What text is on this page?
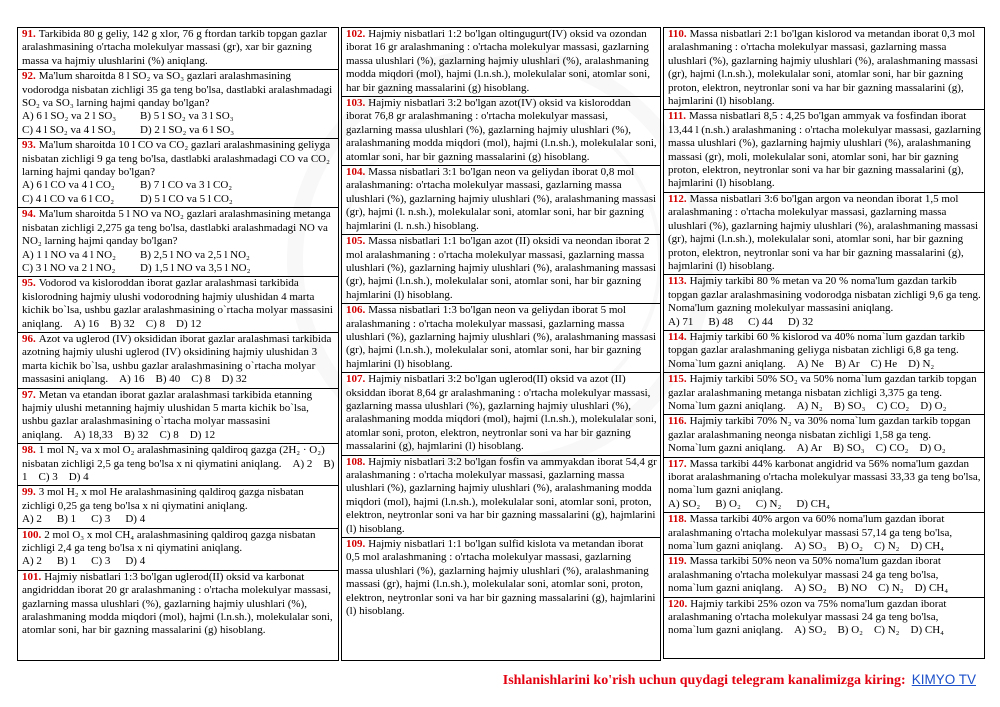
91. Tarkibida 80 g geliy, 142 g xlor, 76 g ftordan tarkib topgan gazlar aralashmasining o'rtacha molekulyar massasi (gr), xar bir gazning massa va hajmiy ulushlarini (%) aniqlang.
92. Ma'lum sharoitda 8 l SO₂ va SO₃ gazlari aralashmasining vodorodga nisbatan zichligi 35 ga teng bo'lsa, dastlabki aralashmadagi SO₂ va SO₃ larning hajmi qanday bo'lgan?
A) 6 l SO₂ va 2 l SO₃	B) 5 l SO₂ va 3 l SO₃
C) 4 l SO₂ va 4 l SO₃	D) 2 l SO₂ va 6 l SO₃
93. Ma'lum sharoitda 10 l CO va CO₂ gazlari aralashmasining geliyga nisbatan zichligi 9 ga teng bo'lsa, dastlabki aralashmadagi CO va CO₂ larning hajmi qanday bo'lgan?
A) 6 l CO va 4 l CO₂	B) 7 l CO va 3 l CO₂
C) 4 l CO va 6 l CO₂	D) 5 l CO va 5 l CO₂
94. Ma'lum sharoitda 5 l NO va NO₂ gazlari aralashmasining metanga nisbatan zichligi 2,275 ga teng bo'lsa, dastlabki aralashmadagi NO va NO₂ larning hajmi qanday bo'lgan?
A) 1 l NO va 4 l NO₂	B) 2,5 l NO va 2,5 l NO₂
C) 3 l NO va 2 l NO₂	D) 1,5 l NO va 3,5 l NO₂
95. Vodorod va kisloroddan iborat gazlar aralashmasi tarkibida kislorodning hajmiy ulushi vodorodning hajmiy ulushidan 4 marta kichik bo`lsa, ushbu gazlar aralashmasining o`rtacha molyar massasini aniqlang. A) 16 B) 32 C) 8 D) 12
96. Azot va uglerod (IV) oksididan iborat gazlar aralashmasi tarkibida azotning hajmiy ulushi uglerod (IV) oksidining hajmiy ulushidan 3 marta kichik bo`lsa, ushbu gazlar aralashmasining o`rtacha molyar massasini aniqlang. A) 16 B) 40 C) 8 D) 32
97. Metan va etandan iborat gazlar aralashmasi tarkibida etanning hajmiy ulushi metanning hajmiy ulushidan 5 marta kichik bo`lsa, ushbu gazlar aralashmasining o`rtacha molyar massasini aniqlang. A) 18,33 B) 32 C) 8 D) 12
98. 1 mol N₂ va x mol O₂ aralashmasining qaldiroq gazga (2H₂ · O₂) nisbatan zichligi 2,5 ga teng bo'lsa x ni qiymatini aniqlang. A) 2 B) 1 C) 3 D) 4
99. 3 mol H₂ x mol He aralashmasining qaldiroq gazga nisbatan zichligi 0,25 ga teng bo'lsa x ni qiymatini aniqlang.
A) 2 B) 1 C) 3 D) 4
100. 2 mol O₃ x mol CH₄ aralashmasining qaldiroq gazga nisbatan zichligi 2,4 ga teng bo'lsa x ni qiymatini aniqlang.
A) 2 B) 1 C) 3 D) 4
101. Hajmiy nisbatlari 1:3 bo'lgan uglerod(II) oksid va karbonat angidriddan iborat 20 gr aralashmaning : o'rtacha molekulyar massasi, gazlarning massa ulushlari (%), gazlarning hajmiy ulushlari (%), aralashmaning modda miqdori (mol), hajmi (l.n.sh.), molekulalar soni, atomlar soni, har bir gazning massalarini (g) hisoblang.
102. Hajmiy nisbatlari 1:2 bo'lgan oltingugurt(IV) oksid va ozondan iborat 16 gr aralashmaning : o'rtacha molekulyar massasi, gazlarning massa ulushlari (%), gazlarning hajmiy ulushlari (%), aralashmaning modda miqdori (mol), hajmi (l.n.sh.), molekulalar soni, atomlar soni, har bir gazning massalarini (g) hisoblang.
103. Hajmiy nisbatlari 3:2 bo'lgan azot(IV) oksid va kisloroddan iborat 76,8 gr aralashmaning : o'rtacha molekulyar massasi, gazlarning massa ulushlari (%), gazlarning hajmiy ulushlari (%), aralashmaning modda miqdori (mol), hajmi (l.n.sh.), molekulalar soni, atomlar soni, har bir gazning massalarini (g) hisoblang.
104. Massa nisbatlari 3:1 bo'lgan neon va geliydan iborat 0,8 mol aralashmaning: o'rtacha molekulyar massasi, gazlarning massa ulushlari (%), gazlarning hajmiy ulushlari (%), aralashmaning massasi (gr), hajmi (l. n.sh.), molekulalar soni, atomlar soni, har bir gazning hajmlarini (l. n.sh.) hisoblang.
105. Massa nisbatlari 1:1 bo'lgan azot (II) oksidi va neondan iborat 2 mol aralashmaning : o'rtacha molekulyar massasi, gazlarning massa ulushlari (%), gazlarning hajmiy ulushlari (%), aralashmaning massasi (gr), hajmi (l.n.sh.), molekulalar soni, atomlar soni, har bir gazning hajmlarini (l) hisoblang.
106. Massa nisbatlari 1:3 bo'lgan neon va geliydan iborat 5 mol aralashmaning : o'rtacha molekulyar massasi, gazlarning massa ulushlari (%), gazlarning hajmiy ulushlari (%), aralashmaning massasi (gr), hajmi (l.n.sh.), molekulalar soni, atomlar soni, har bir gazning hajmlarini (l) hisoblang.
107. Hajmiy nisbatlari 3:2 bo'lgan uglerod(II) oksid va azot (II) oksiddan iborat 8,64 gr aralashmaning : o'rtacha molekulyar massasi, gazlarning massa ulushlari (%), gazlarning hajmiy ulushlari (%), aralashmaning modda miqdori (mol), hajmi (l.n.sh.), molekulalar soni, atomlar soni, proton, elektron, neytronlar soni va har bir gazning massalarini (g), hajmlarini (l) hisoblang.
108. Hajmiy nisbatlari 3:2 bo'lgan fosfin va ammyakdan iborat 54,4 gr aralashmaning : o'rtacha molekulyar massasi, gazlarning massa ulushlari (%), gazlarning hajmiy ulushlari (%), aralashmaning modda miqdori (mol), hajmi (l.n.sh.), molekulalar soni, atomlar soni, proton, elektron, neytronlar soni va har bir gazning massalarini (g), hajmlarini (l) hisoblang.
109. Hajmiy nisbatlari 1:1 bo'lgan sulfid kislota va metandan iborat 0,5 mol aralashmaning : o'rtacha molekulyar massasi, gazlarning massa ulushlari (%), gazlarning hajmiy ulushlari (%), aralashmaning massasi (gr), hajmi (l.n.sh.), molekulalar soni, atomlar soni, proton, elektron, neytronlar soni va har bir gazning massalarini (g), hajmlarini (l) hisoblang.
110. Massa nisbatlari 2:1 bo'lgan kislorod va metandan iborat 0,3 mol aralashmaning : o'rtacha molekulyar massasi, gazlarning massa ulushlari (%), gazlarning hajmiy ulushlari (%), aralashmaning massasi (gr), hajmi (l.n.sh.), molekulalar soni, atomlar soni, har bir gazning proton, elektron, neytronlar soni va har bir gazning massalarini (g), hajmlarini (l) hisoblang.
111. Massa nisbatlari 8,5 : 4,25 bo'lgan ammyak va fosfindan iborat 13,44 l (n.sh.) aralashmaning : o'rtacha molekulyar massasi, gazlarning massa ulushlari (%), gazlarning hajmiy ulushlari (%), aralashmaning massasi (gr), moli, molekulalar soni, atomlar soni, har bir gazning proton, elektron, neytronlar soni va har bir gazning massalarini (g), hajmlarini (l) hisoblang.
112. Massa nisbatlari 3:6 bo'lgan argon va neondan iborat 1,5 mol aralashmaning : o'rtacha molekulyar massasi, gazlarning massa ulushlari (%), gazlarning hajmiy ulushlari (%), aralashmaning massasi (gr), hajmi (l.n.sh.), molekulalar soni, atomlar soni, har bir gazning proton, elektron, neytronlar soni va har bir gazning massalarini (g), hajmlarini (l) hisoblang.
113. Hajmiy tarkibi 80 % metan va 20 % noma'lum gazdan tarkib topgan gazlar aralashmasining vodorodga nisbatan zichligi 9,6 ga teng. Noma'lum gazning molekulyar massasini aniqlang.
A) 71 B) 48 C) 44 D) 32
114. Hajmiy tarkibi 60 % kislorod va 40% noma`lum gazdan tarkib topgan gazlar aralashmaning geliyga nisbatan zichligi 6,8 ga teng. Noma`lum gazni aniqlang. A) Ne B) Ar C) He D) N₂
115. Hajmiy tarkibi 50% SO₂ va 50% noma`lum gazdan tarkib topgan gazlar aralashmaning metanga nisbatan zichligi 3,375 ga teng. Noma`lum gazni aniqlang. A) N₂ B) SO₃ C) CO₂ D) O₂
116. Hajmiy tarkibi 70% N₂ va 30% noma`lum gazdan tarkib topgan gazlar aralashmaning neonga nisbatan zichligi 1,58 ga teng. Noma`lum gazni aniqlang. A) Ar B) SO₃ C) CO₂ D) O₂
117. Massa tarkibi 44% karbonat angidrid va 56% noma'lum gazdan iborat aralashmaning o'rtacha molekulyar massasi 33,33 ga teng bo'lsa, noma`lum gazni aniqlang.
A) SO₂ B) O₂ C) N₂ D) CH₄
118. Massa tarkibi 40% argon va 60% noma'lum gazdan iborat aralashmaning o'rtacha molekulyar massasi 57,14 ga teng bo'lsa, noma`lum gazni aniqlang. A) SO₃ B) O₂ C) N₂ D) CH₄
119. Massa tarkibi 50% neon va 50% noma'lum gazdan iborat aralashmaning o'rtacha molekulyar massasi 24 ga teng bo'lsa, noma`lum gazni aniqlang. A) SO₂ B) NO C) N₂ D) CH₄
120. Hajmiy tarkibi 25% ozon va 75% noma'lum gazdan iborat aralashmaning o'rtacha molekulyar massasi 24 ga teng bo'lsa, noma`lum gazni aniqlang. A) SO₂ B) O₂ C) N₂ D) CH₄
Ishlanishlarini ko'rish uchun quydagi telegram kanalimizga kiring: KIMYO TV
